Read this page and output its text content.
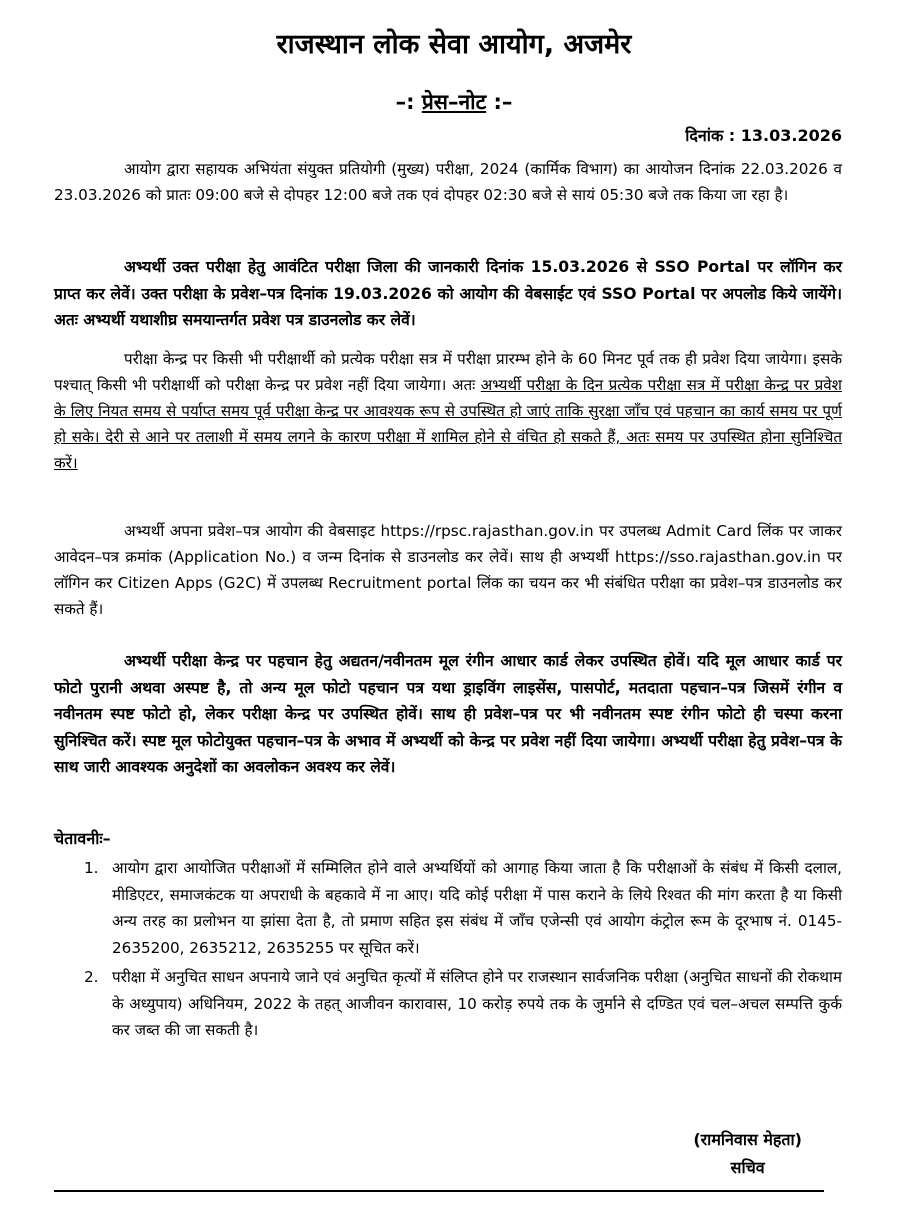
राजस्थान लोक सेवा आयोग, अजमेर
–: प्रेस–नोट :–
दिनांक : 13.03.2026
आयोग द्वारा सहायक अभियंता संयुक्त प्रतियोगी (मुख्य) परीक्षा, 2024 (कार्मिक विभाग) का आयोजन दिनांक 22.03.2026 व 23.03.2026 को प्रातः 09:00 बजे से दोपहर 12:00 बजे तक एवं दोपहर 02:30 बजे से सायं 05:30 बजे तक किया जा रहा है।
अभ्यर्थी उक्त परीक्षा हेतु आवंटित परीक्षा जिला की जानकारी दिनांक 15.03.2026 से SSO Portal पर लॉगिन कर प्राप्त कर लेवें। उक्त परीक्षा के प्रवेश–पत्र दिनांक 19.03.2026 को आयोग की वेबसाईट एवं SSO Portal पर अपलोड किये जायेंगे। अतः अभ्यर्थी यथाशीघ्र समयान्तर्गत प्रवेश पत्र डाउनलोड कर लेवें।
परीक्षा केन्द्र पर किसी भी परीक्षार्थी को प्रत्येक परीक्षा सत्र में परीक्षा प्रारम्भ होने के 60 मिनट पूर्व तक ही प्रवेश दिया जायेगा। इसके पश्चात् किसी भी परीक्षार्थी को परीक्षा केन्द्र पर प्रवेश नहीं दिया जायेगा। अतः अभ्यर्थी परीक्षा के दिन प्रत्येक परीक्षा सत्र में परीक्षा केन्द्र पर प्रवेश के लिए नियत समय से पर्याप्त समय पूर्व परीक्षा केन्द्र पर आवश्यक रूप से उपस्थित हो जाएं ताकि सुरक्षा जाँच एवं पहचान का कार्य समय पर पूर्ण हो सके। देरी से आने पर तलाशी में समय लगने के कारण परीक्षा में शामिल होने से वंचित हो सकते हैं, अतः समय पर उपस्थित होना सुनिश्चित करें।
अभ्यर्थी अपना प्रवेश–पत्र आयोग की वेबसाइट https://rpsc.rajasthan.gov.in पर उपलब्ध Admit Card लिंक पर जाकर आवेदन–पत्र क्रमांक (Application No.) व जन्म दिनांक से डाउनलोड कर लेवें। साथ ही अभ्यर्थी https://sso.rajasthan.gov.in पर लॉगिन कर Citizen Apps (G2C) में उपलब्ध Recruitment portal लिंक का चयन कर भी संबंधित परीक्षा का प्रवेश–पत्र डाउनलोड कर सकते हैं।
अभ्यर्थी परीक्षा केन्द्र पर पहचान हेतु अद्यतन/नवीनतम मूल रंगीन आधार कार्ड लेकर उपस्थित होवें। यदि मूल आधार कार्ड पर फोटो पुरानी अथवा अस्पष्ट है, तो अन्य मूल फोटो पहचान पत्र यथा ड्राइविंग लाइसेंस, पासपोर्ट, मतदाता पहचान–पत्र जिसमें रंगीन व नवीनतम स्पष्ट फोटो हो, लेकर परीक्षा केन्द्र पर उपस्थित होवें। साथ ही प्रवेश–पत्र पर भी नवीनतम स्पष्ट रंगीन फोटो ही चस्पा करना सुनिश्चित करें। स्पष्ट मूल फोटोयुक्त पहचान–पत्र के अभाव में अभ्यर्थी को केन्द्र पर प्रवेश नहीं दिया जायेगा। अभ्यर्थी परीक्षा हेतु प्रवेश–पत्र के साथ जारी आवश्यक अनुदेशों का अवलोकन अवश्य कर लेवें।
चेतावनीः–
1. आयोग द्वारा आयोजित परीक्षाओं में सम्मिलित होने वाले अभ्यर्थियों को आगाह किया जाता है कि परीक्षाओं के संबंध में किसी दलाल, मीडिएटर, समाजकंटक या अपराधी के बहकावे में ना आए। यदि कोई परीक्षा में पास कराने के लिये रिश्वत की मांग करता है या किसी अन्य तरह का प्रलोभन या झांसा देता है, तो प्रमाण सहित इस संबंध में जाँच एजेन्सी एवं आयोग कंट्रोल रूम के दूरभाष नं. 0145-2635200, 2635212, 2635255 पर सूचित करें।
2. परीक्षा में अनुचित साधन अपनाये जाने एवं अनुचित कृत्यों में संलिप्त होने पर राजस्थान सार्वजनिक परीक्षा (अनुचित साधनों की रोकथाम के अध्युपाय) अधिनियम, 2022 के तहत् आजीवन कारावास, 10 करोड़ रुपये तक के जुर्माने से दण्डित एवं चल–अचल सम्पत्ति कुर्क कर जब्त की जा सकती है।
(रामनिवास मेहता)
सचिव
